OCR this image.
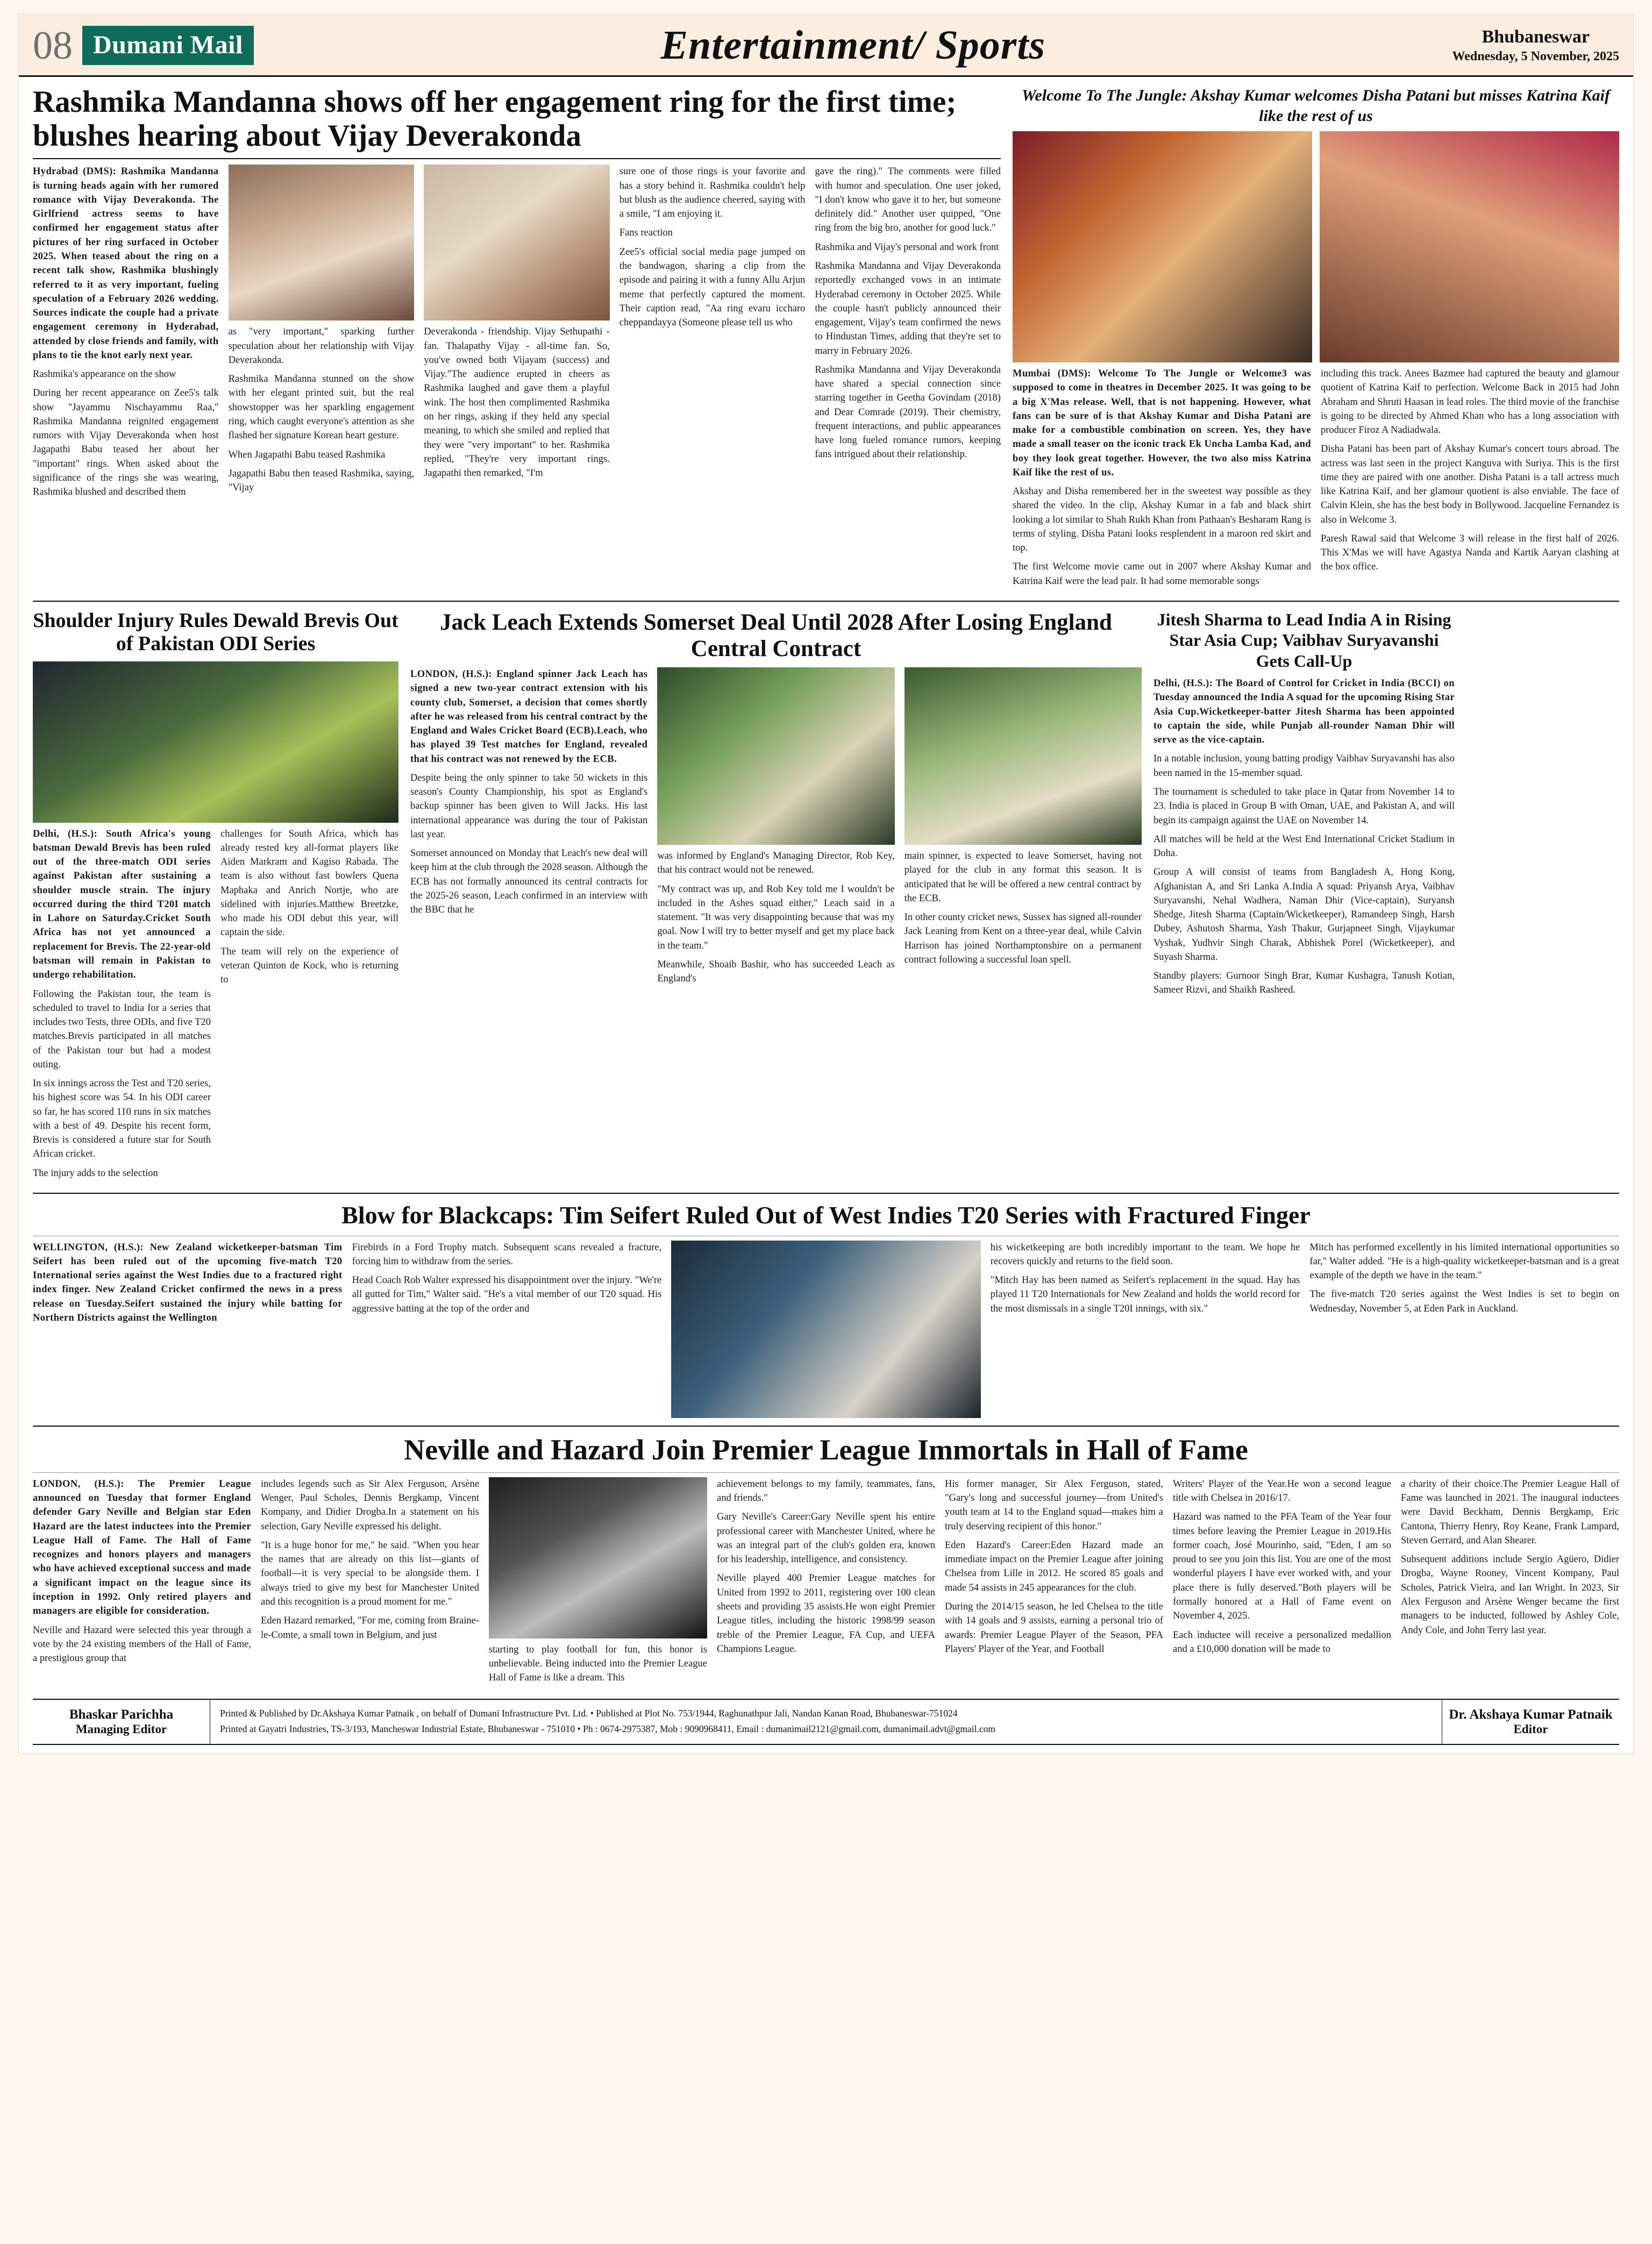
08 Dumani Mail	Entertainment/ Sports	Bhubaneswar
Wednesday, 5 November, 2025
Rashmika Mandanna shows off her engagement ring for the first time; blushes hearing about Vijay Deverakonda

Hydrabad (DMS): Rashmika Mandanna is turning heads again with her rumored romance with Vijay Deverakonda. The Girlfriend actress seems to have confirmed her engagement status after pictures of her ring surfaced in October 2025. When teased about the ring on a recent talk show, Rashmika blushingly referred to it as very important, fueling speculation of a February 2026 wedding. Sources indicate the couple had a private engagement ceremony in Hyderabad, attended by close friends and family, with plans to tie the knot early next year.

Rashmika's appearance on the show

During her recent appearance on Zee5's talk show "Jayammu Nischayammu Raa," Rashmika Mandanna reignited engagement rumors with Vijay Deverakonda when host Jagapathi Babu teased her about her "important" rings. When asked about the significance of the rings she was wearing, Rashmika blushed and described them

as "very important," sparking further speculation about her relationship with Vijay Deverakonda.

Rashmika Mandanna stunned on the show with her elegant printed suit, but the real showstopper was her sparkling engagement ring, which caught everyone's attention as she flashed her signature Korean heart gesture.

When Jagapathi Babu teased Rashmika

Jagapathi Babu then teased Rashmika, saying, "Vijay

Deverakonda - friendship. Vijay Sethupathi - fan. Thalapathy Vijay - all-time fan. So, you've owned both Vijayam (success) and Vijay."The audience erupted in cheers as Rashmika laughed and gave them a playful wink. The host then complimented Rashmika on her rings, asking if they held any special meaning, to which she smiled and replied that they were "very important" to her. Rashmika replied, "They're very important rings. Jagapathi then remarked, "I'm

sure one of those rings is your favorite and has a story behind it. Rashmika couldn't help but blush as the audience cheered, saying with a smile, "I am enjoying it.

Fans reaction

Zee5's official social media page jumped on the bandwagon, sharing a clip from the episode and pairing it with a funny Allu Arjun meme that perfectly captured the moment. Their caption read, "Aa ring evaru iccharo cheppandayya (Someone please tell us who

gave the ring)." The comments were filled with humor and speculation. One user joked, "I don't know who gave it to her, but someone definitely did." Another user quipped, "One ring from the big bro, another for good luck."

Rashmika and Vijay's personal and work front

Rashmika Mandanna and Vijay Deverakonda reportedly exchanged vows in an intimate Hyderabad ceremony in October 2025. While the couple hasn't publicly announced their engagement, Vijay's team confirmed the news to Hindustan Times, adding that they're set to marry in February 2026.

Rashmika Mandanna and Vijay Deverakonda have shared a special connection since starring together in Geetha Govindam (2018) and Dear Comrade (2019). Their chemistry, frequent interactions, and public appearances have long fueled romance rumors, keeping fans intrigued about their relationship.

Welcome To The Jungle: Akshay Kumar welcomes Disha Patani but misses Katrina Kaif like the rest of us

Mumbai (DMS): Welcome To The Jungle or Welcome3 was supposed to come in theatres in December 2025. It was going to be a big X'Mas release. Well, that is not happening. However, what fans can be sure of is that Akshay Kumar and Disha Patani are make for a combustible combination on screen. Yes, they have made a small teaser on the iconic track Ek Uncha Lamba Kad, and boy they look great together. However, the two also miss Katrina Kaif like the rest of us.

Akshay and Disha remembered her in the sweetest way possible as they shared the video. In the clip, Akshay Kumar in a fab and black shirt looking a lot similar to Shah Rukh Khan from Pathaan's Besharam Rang is terms of styling. Disha Patani looks resplendent in a maroon red skirt and top.

The first Welcome movie came out in 2007 where Akshay Kumar and Katrina Kaif were the lead pair. It had some memorable songs

including this track. Anees Bazmee had captured the beauty and glamour quotient of Katrina Kaif to perfection. Welcome Back in 2015 had John Abraham and Shruti Haasan in lead roles. The third movie of the franchise is going to be directed by Ahmed Khan who has a long association with producer Firoz A Nadiadwala.

Disha Patani has been part of Akshay Kumar's concert tours abroad. The actress was last seen in the project Kanguva with Suriya. This is the first time they are paired with one another. Disha Patani is a tall actress much like Katrina Kaif, and her glamour quotient is also enviable. The face of Calvin Klein, she has the best body in Bollywood. Jacqueline Fernandez is also in Welcome 3.

Paresh Rawal said that Welcome 3 will release in the first half of 2026. This X'Mas we will have Agastya Nanda and Kartik Aaryan clashing at the box office.

Shoulder Injury Rules Dewald Brevis Out of Pakistan ODI Series

Delhi, (H.S.): South Africa's young batsman Dewald Brevis has been ruled out of the three-match ODI series against Pakistan after sustaining a shoulder muscle strain. The injury occurred during the third T20I match in Lahore on Saturday.Cricket South Africa has not yet announced a replacement for Brevis. The 22-year-old batsman will remain in Pakistan to undergo rehabilitation.

Following the Pakistan tour, the team is scheduled to travel to India for a series that includes two Tests, three ODIs, and five T20 matches.Brevis participated in all matches of the Pakistan tour but had a modest outing.

In six innings across the Test and T20 series, his highest score was 54. In his ODI career so far, he has scored 110 runs in six matches with a best of 49. Despite his recent form, Brevis is considered a future star for South African cricket.

The injury adds to the selection

challenges for South Africa, which has already rested key all-format players like Aiden Markram and Kagiso Rabada. The team is also without fast bowlers Quena Maphaka and Anrich Nortje, who are sidelined with injuries.Matthew Breetzke, who made his ODI debut this year, will captain the side.

The team will rely on the experience of veteran Quinton de Kock, who is returning to

Jack Leach Extends Somerset Deal Until 2028 After Losing England Central Contract

LONDON, (H.S.): England spinner Jack Leach has signed a new two-year contract extension with his county club, Somerset, a decision that comes shortly after he was released from his central contract by the England and Wales Cricket Board (ECB).Leach, who has played 39 Test matches for England, revealed that his contract was not renewed by the ECB.

Despite being the only spinner to take 50 wickets in this season's County Championship, his spot as England's backup spinner has been given to Will Jacks. His last international appearance was during the tour of Pakistan last year.

Somerset announced on Monday that Leach's new deal will keep him at the club through the 2028 season. Although the ECB has not formally announced its central contracts for the 2025-26 season, Leach confirmed in an interview with the BBC that he

was informed by England's Managing Director, Rob Key, that his contract would not be renewed.

"My contract was up, and Rob Key told me I wouldn't be included in the Ashes squad either," Leach said in a statement. "It was very disappointing because that was my goal. Now I will try to better myself and get my place back in the team."

Meanwhile, Shoaib Bashir, who has succeeded Leach as England's

main spinner, is expected to leave Somerset, having not played for the club in any format this season. It is anticipated that he will be offered a new central contract by the ECB.

In other county cricket news, Sussex has signed all-rounder Jack Leaning from Kent on a three-year deal, while Calvin Harrison has joined Northamptonshire on a permanent contract following a successful loan spell.

Jitesh Sharma to Lead India A in Rising Star Asia Cup; Vaibhav Suryavanshi Gets Call-Up

Delhi, (H.S.): The Board of Control for Cricket in India (BCCI) on Tuesday announced the India A squad for the upcoming Rising Star Asia Cup.Wicketkeeper-batter Jitesh Sharma has been appointed to captain the side, while Punjab all-rounder Naman Dhir will serve as the vice-captain.

In a notable inclusion, young batting prodigy Vaibhav Suryavanshi has also been named in the 15-member squad.

The tournament is scheduled to take place in Qatar from November 14 to 23. India is placed in Group B with Oman, UAE, and Pakistan A, and will begin its campaign against the UAE on November 14.

All matches will be held at the West End International Cricket Stadium in Doha.

Group A will consist of teams from Bangladesh A, Hong Kong, Afghanistan A, and Sri Lanka A.India A squad: Priyansh Arya, Vaibhav Suryavanshi, Nehal Wadhera, Naman Dhir (Vice-captain), Suryansh Shedge, Jitesh Sharma (Captain/Wicketkeeper), Ramandeep Singh, Harsh Dubey, Ashutosh Sharma, Yash Thakur, Gurjapneet Singh, Vijaykumar Vyshak, Yudhvir Singh Charak, Abhishek Porel (Wicketkeeper), and Suyash Sharma.

Standby players: Gurnoor Singh Brar, Kumar Kushagra, Tanush Kotian, Sameer Rizvi, and Shaikh Rasheed.

Blow for Blackcaps: Tim Seifert Ruled Out of West Indies T20 Series with Fractured Finger

WELLINGTON, (H.S.): New Zealand wicketkeeper-batsman Tim Seifert has been ruled out of the upcoming five-match T20 International series against the West Indies due to a fractured right index finger. New Zealand Cricket confirmed the news in a press release on Tuesday.Seifert sustained the injury while batting for Northern Districts against the Wellington

Firebirds in a Ford Trophy match. Subsequent scans revealed a fracture, forcing him to withdraw from the series.

Head Coach Rob Walter expressed his disappointment over the injury. "We're all gutted for Tim," Walter said. "He's a vital member of our T20 squad. His aggressive batting at the top of the order and

his wicketkeeping are both incredibly important to the team. We hope he recovers quickly and returns to the field soon.

"Mitch Hay has been named as Seifert's replacement in the squad. Hay has played 11 T20 Internationals for New Zealand and holds the world record for the most dismissals in a single T20I innings, with six."

Mitch has performed excellently in his limited international opportunities so far," Walter added. "He is a high-quality wicketkeeper-batsman and is a great example of the depth we have in the team."

The five-match T20 series against the West Indies is set to begin on Wednesday, November 5, at Eden Park in Auckland.

Neville and Hazard Join Premier League Immortals in Hall of Fame

LONDON, (H.S.): The Premier League announced on Tuesday that former England defender Gary Neville and Belgian star Eden Hazard are the latest inductees into the Premier League Hall of Fame. The Hall of Fame recognizes and honors players and managers who have achieved exceptional success and made a significant impact on the league since its inception in 1992. Only retired players and managers are eligible for consideration.

Neville and Hazard were selected this year through a vote by the 24 existing members of the Hall of Fame, a prestigious group that

includes legends such as Sir Alex Ferguson, Arsène Wenger, Paul Scholes, Dennis Bergkamp, Vincent Kompany, and Didier Drogba.In a statement on his selection, Gary Neville expressed his delight.

"It is a huge honor for me," he said. "When you hear the names that are already on this list—giants of football—it is very special to be alongside them. I always tried to give my best for Manchester United and this recognition is a proud moment for me."

Eden Hazard remarked, "For me, coming from Braine-le-Comte, a small town in Belgium, and just

starting to play football for fun, this honor is unbelievable. Being inducted into the Premier League Hall of Fame is like a dream. This

achievement belongs to my family, teammates, fans, and friends."

Gary Neville's Career:Gary Neville spent his entire professional career with Manchester United, where he was an integral part of the club's golden era, known for his leadership, intelligence, and consistency.

Neville played 400 Premier League matches for United from 1992 to 2011, registering over 100 clean sheets and providing 35 assists.He won eight Premier League titles, including the historic 1998/99 season treble of the Premier League, FA Cup, and UEFA Champions League.

His former manager, Sir Alex Ferguson, stated, "Gary's long and successful journey—from United's youth team at 14 to the England squad—makes him a truly deserving recipient of this honor."

Eden Hazard's Career:Eden Hazard made an immediate impact on the Premier League after joining Chelsea from Lille in 2012. He scored 85 goals and made 54 assists in 245 appearances for the club.

During the 2014/15 season, he led Chelsea to the title with 14 goals and 9 assists, earning a personal trio of awards: Premier League Player of the Season, PFA Players' Player of the Year, and Football

Writers' Player of the Year.He won a second league title with Chelsea in 2016/17.

Hazard was named to the PFA Team of the Year four times before leaving the Premier League in 2019.His former coach, José Mourinho, said, "Eden, I am so proud to see you join this list. You are one of the most wonderful players I have ever worked with, and your place there is fully deserved."Both players will be formally honored at a Hall of Fame event on November 4, 2025.

Each inductee will receive a personalized medallion and a £10,000 donation will be made to

a charity of their choice.The Premier League Hall of Fame was launched in 2021. The inaugural inductees were David Beckham, Dennis Bergkamp, Eric Cantona, Thierry Henry, Roy Keane, Frank Lampard, Steven Gerrard, and Alan Shearer.

Subsequent additions include Sergio Agüero, Didier Drogba, Wayne Rooney, Vincent Kompany, Paul Scholes, Patrick Vieira, and Ian Wright. In 2023, Sir Alex Ferguson and Arsène Wenger became the first managers to be inducted, followed by Ashley Cole, Andy Cole, and John Terry last year.

Bhaskar Parichha
Managing Editor
Printed & Published by Dr.Akshaya Kumar Patnaik , on behalf of Dumani Infrastructure Pvt. Ltd. • Published at Plot No. 753/1944, Raghunathpur Jali, Nandan Kanan Road, Bhubaneswar-751024
Printed at Gayatri Industries, TS-3/193, Mancheswar Industrial Estate, Bhubaneswar - 751010 • Ph : 0674-2975387, Mob : 9090968411, Email : dumanimail2121@gmail.com, dumanimail.advt@gmail.com
Dr. Akshaya Kumar Patnaik
Editor
